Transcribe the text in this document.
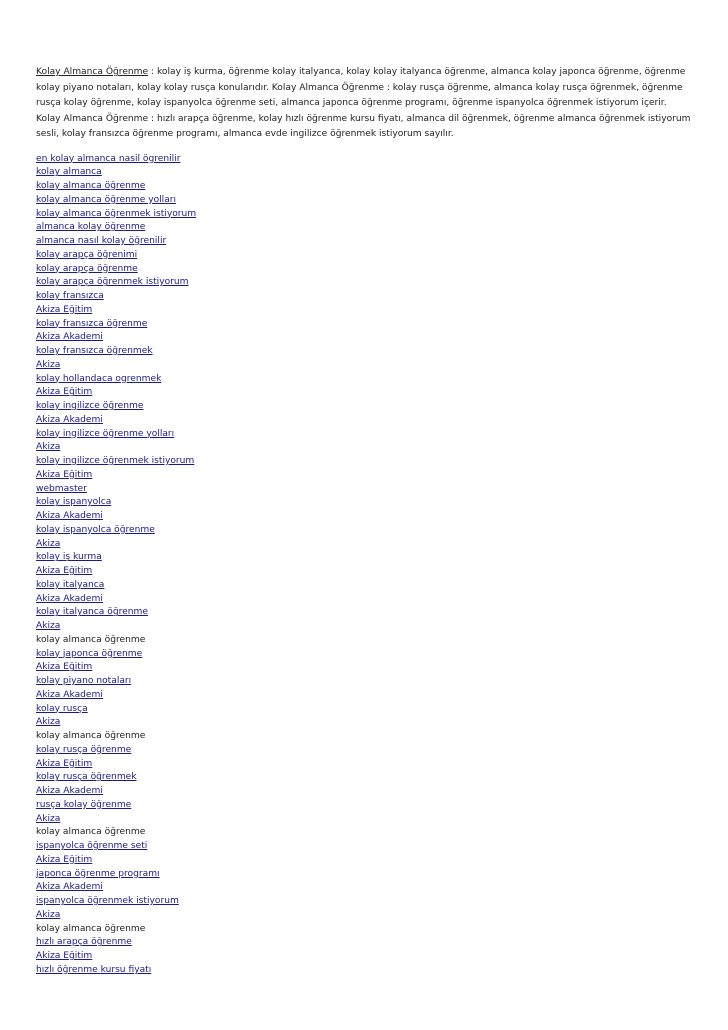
Kolay Almanca Öğrenme : kolay iş kurma, öğrenme kolay italyanca, kolay kolay italyanca öğrenme, almanca kolay japonca öğrenme, öğrenme kolay piyano notaları, kolay kolay rusça konularıdır. Kolay Almanca Öğrenme : kolay rusça öğrenme, almanca kolay rusça öğrenmek, öğrenme rusça kolay öğrenme, kolay ispanyolca öğrenme seti, almanca japonca öğrenme programı, öğrenme ispanyolca öğrenmek istiyorum içerir. Kolay Almanca Öğrenme : hızlı arapça öğrenme, kolay hızlı öğrenme kursu fiyatı, almanca dil öğrenmek, öğrenme almanca öğrenmek istiyorum sesli, kolay fransızca öğrenme programı, almanca evde ingilizce öğrenmek istiyorum sayılır.

en kolay almanca nasil ögrenilir
kolay almanca
kolay almanca öğrenme
kolay almanca öğrenme yolları
kolay almanca öğrenmek istiyorum
almanca kolay öğrenme
almanca nasıl kolay öğrenilir
kolay arapça öğrenimi
kolay arapça öğrenme
kolay arapça öğrenmek istiyorum
kolay fransızca
Akiza Eğitim
kolay fransızca öğrenme
Akiza Akademi
kolay fransızca öğrenmek
Akiza
kolay hollandaca ogrenmek
Akiza Eğitim
kolay ingilizce öğrenme
Akiza Akademi
kolay ingilizce öğrenme yolları
Akiza
kolay ingilizce öğrenmek istiyorum
Akiza Eğitim
webmaster
kolay ispanyolca
Akiza Akademi
kolay ispanyolca öğrenme
Akiza
kolay iş kurma
Akiza Eğitim
kolay italyanca
Akiza Akademi
kolay italyanca öğrenme
Akiza
kolay almanca öğrenme
kolay japonca öğrenme
Akiza Eğitim
kolay piyano notaları
Akiza Akademi
kolay rusça
Akiza
kolay almanca öğrenme
kolay rusça öğrenme
Akiza Eğitim
kolay rusça öğrenmek
Akiza Akademi
rusça kolay öğrenme
Akiza
kolay almanca öğrenme
ispanyolca öğrenme seti
Akiza Eğitim
japonca öğrenme programı
Akiza Akademi
ispanyolca öğrenmek istiyorum
Akiza
kolay almanca öğrenme
hızlı arapça öğrenme
Akiza Eğitim
hızlı öğrenme kursu fiyatı
